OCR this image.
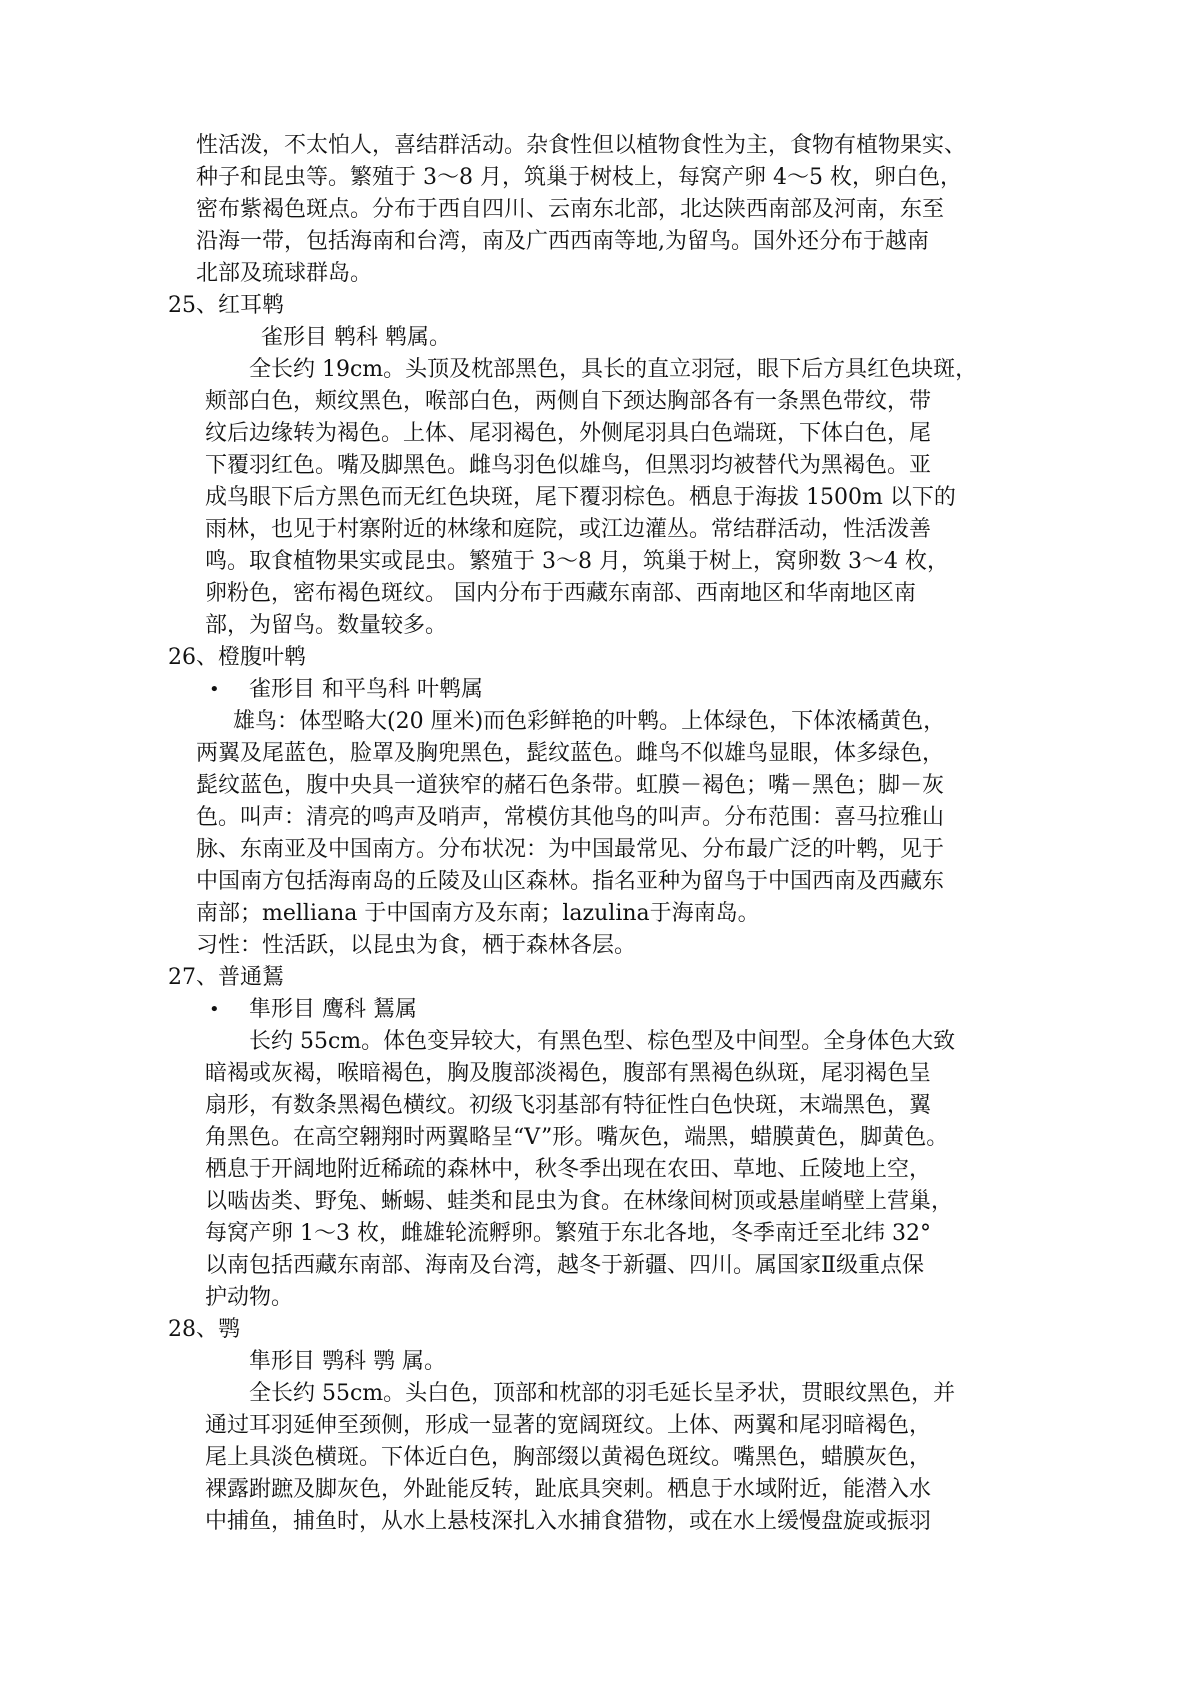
性活泼，不太怕人，喜结群活动。杂食性但以植物食性为主，食物有植物果实、
种子和昆虫等。繁殖于 3～8 月，筑巢于树枝上，每窝产卵 4～5 枚，卵白色，
密布紫褐色斑点。分布于西自四川、云南东北部，北达陕西南部及河南，东至
沿海一带，包括海南和台湾，南及广西西南等地,为留鸟。国外还分布于越南
北部及琉球群岛。
25、红耳鹎
雀形目 鹎科 鹎属。
全长约 19cm。头顶及枕部黑色，具长的直立羽冠，眼下后方具红色块斑，
颊部白色，颊纹黑色，喉部白色，两侧自下颈达胸部各有一条黑色带纹，带
纹后边缘转为褐色。上体、尾羽褐色，外侧尾羽具白色端斑，下体白色，尾
下覆羽红色。嘴及脚黑色。雌鸟羽色似雄鸟，但黑羽均被替代为黑褐色。亚
成鸟眼下后方黑色而无红色块斑，尾下覆羽棕色。栖息于海拔 1500m 以下的
雨林，也见于村寨附近的林缘和庭院，或江边灌丛。常结群活动，性活泼善
鸣。取食植物果实或昆虫。繁殖于 3～8 月，筑巢于树上，窝卵数 3～4 枚，
卵粉色，密布褐色斑纹。 国内分布于西藏东南部、西南地区和华南地区南
部，为留鸟。数量较多。
26、橙腹叶鹎
• 雀形目 和平鸟科 叶鹎属
雄鸟：体型略大(20 厘米)而色彩鲜艳的叶鹎。上体绿色，下体浓橘黄色，
两翼及尾蓝色，脸罩及胸兜黑色，髭纹蓝色。雌鸟不似雄鸟显眼，体多绿色，
髭纹蓝色，腹中央具一道狭窄的赭石色条带。虹膜－褐色；嘴－黑色；脚－灰
色。叫声：清亮的鸣声及哨声，常模仿其他鸟的叫声。分布范围：喜马拉雅山
脉、东南亚及中国南方。分布状况：为中国最常见、分布最广泛的叶鹎，见于
中国南方包括海南岛的丘陵及山区森林。指名亚种为留鸟于中国西南及西藏东
南部；melliana 于中国南方及东南；lazulina于海南岛。
习性：性活跃，以昆虫为食，栖于森林各层。
27、普通鵟
• 隼形目 鹰科 鵟属
长约 55cm。体色变异较大，有黑色型、棕色型及中间型。全身体色大致
暗褐或灰褐，喉暗褐色，胸及腹部淡褐色，腹部有黑褐色纵斑，尾羽褐色呈
扇形，有数条黑褐色横纹。初级飞羽基部有特征性白色快斑，末端黑色，翼
角黑色。在高空翱翔时两翼略呈“V”形。嘴灰色，端黑，蜡膜黄色，脚黄色。
栖息于开阔地附近稀疏的森林中，秋冬季出现在农田、草地、丘陵地上空，
以啮齿类、野兔、蜥蜴、蛙类和昆虫为食。在林缘间树顶或悬崖峭壁上营巢，
每窝产卵 1～3 枚，雌雄轮流孵卵。繁殖于东北各地，冬季南迁至北纬 32°
以南包括西藏东南部、海南及台湾，越冬于新疆、四川。属国家Ⅱ级重点保
护动物。
28、鹗
隼形目 鹗科 鹗 属。
全长约 55cm。头白色，顶部和枕部的羽毛延长呈矛状，贯眼纹黑色，并
通过耳羽延伸至颈侧，形成一显著的宽阔斑纹。上体、两翼和尾羽暗褐色，
尾上具淡色横斑。下体近白色，胸部缀以黄褐色斑纹。嘴黑色，蜡膜灰色，
裸露跗蹠及脚灰色，外趾能反转，趾底具突刺。栖息于水域附近，能潜入水
中捕鱼，捕鱼时，从水上悬枝深扎入水捕食猎物，或在水上缓慢盘旋或振羽
